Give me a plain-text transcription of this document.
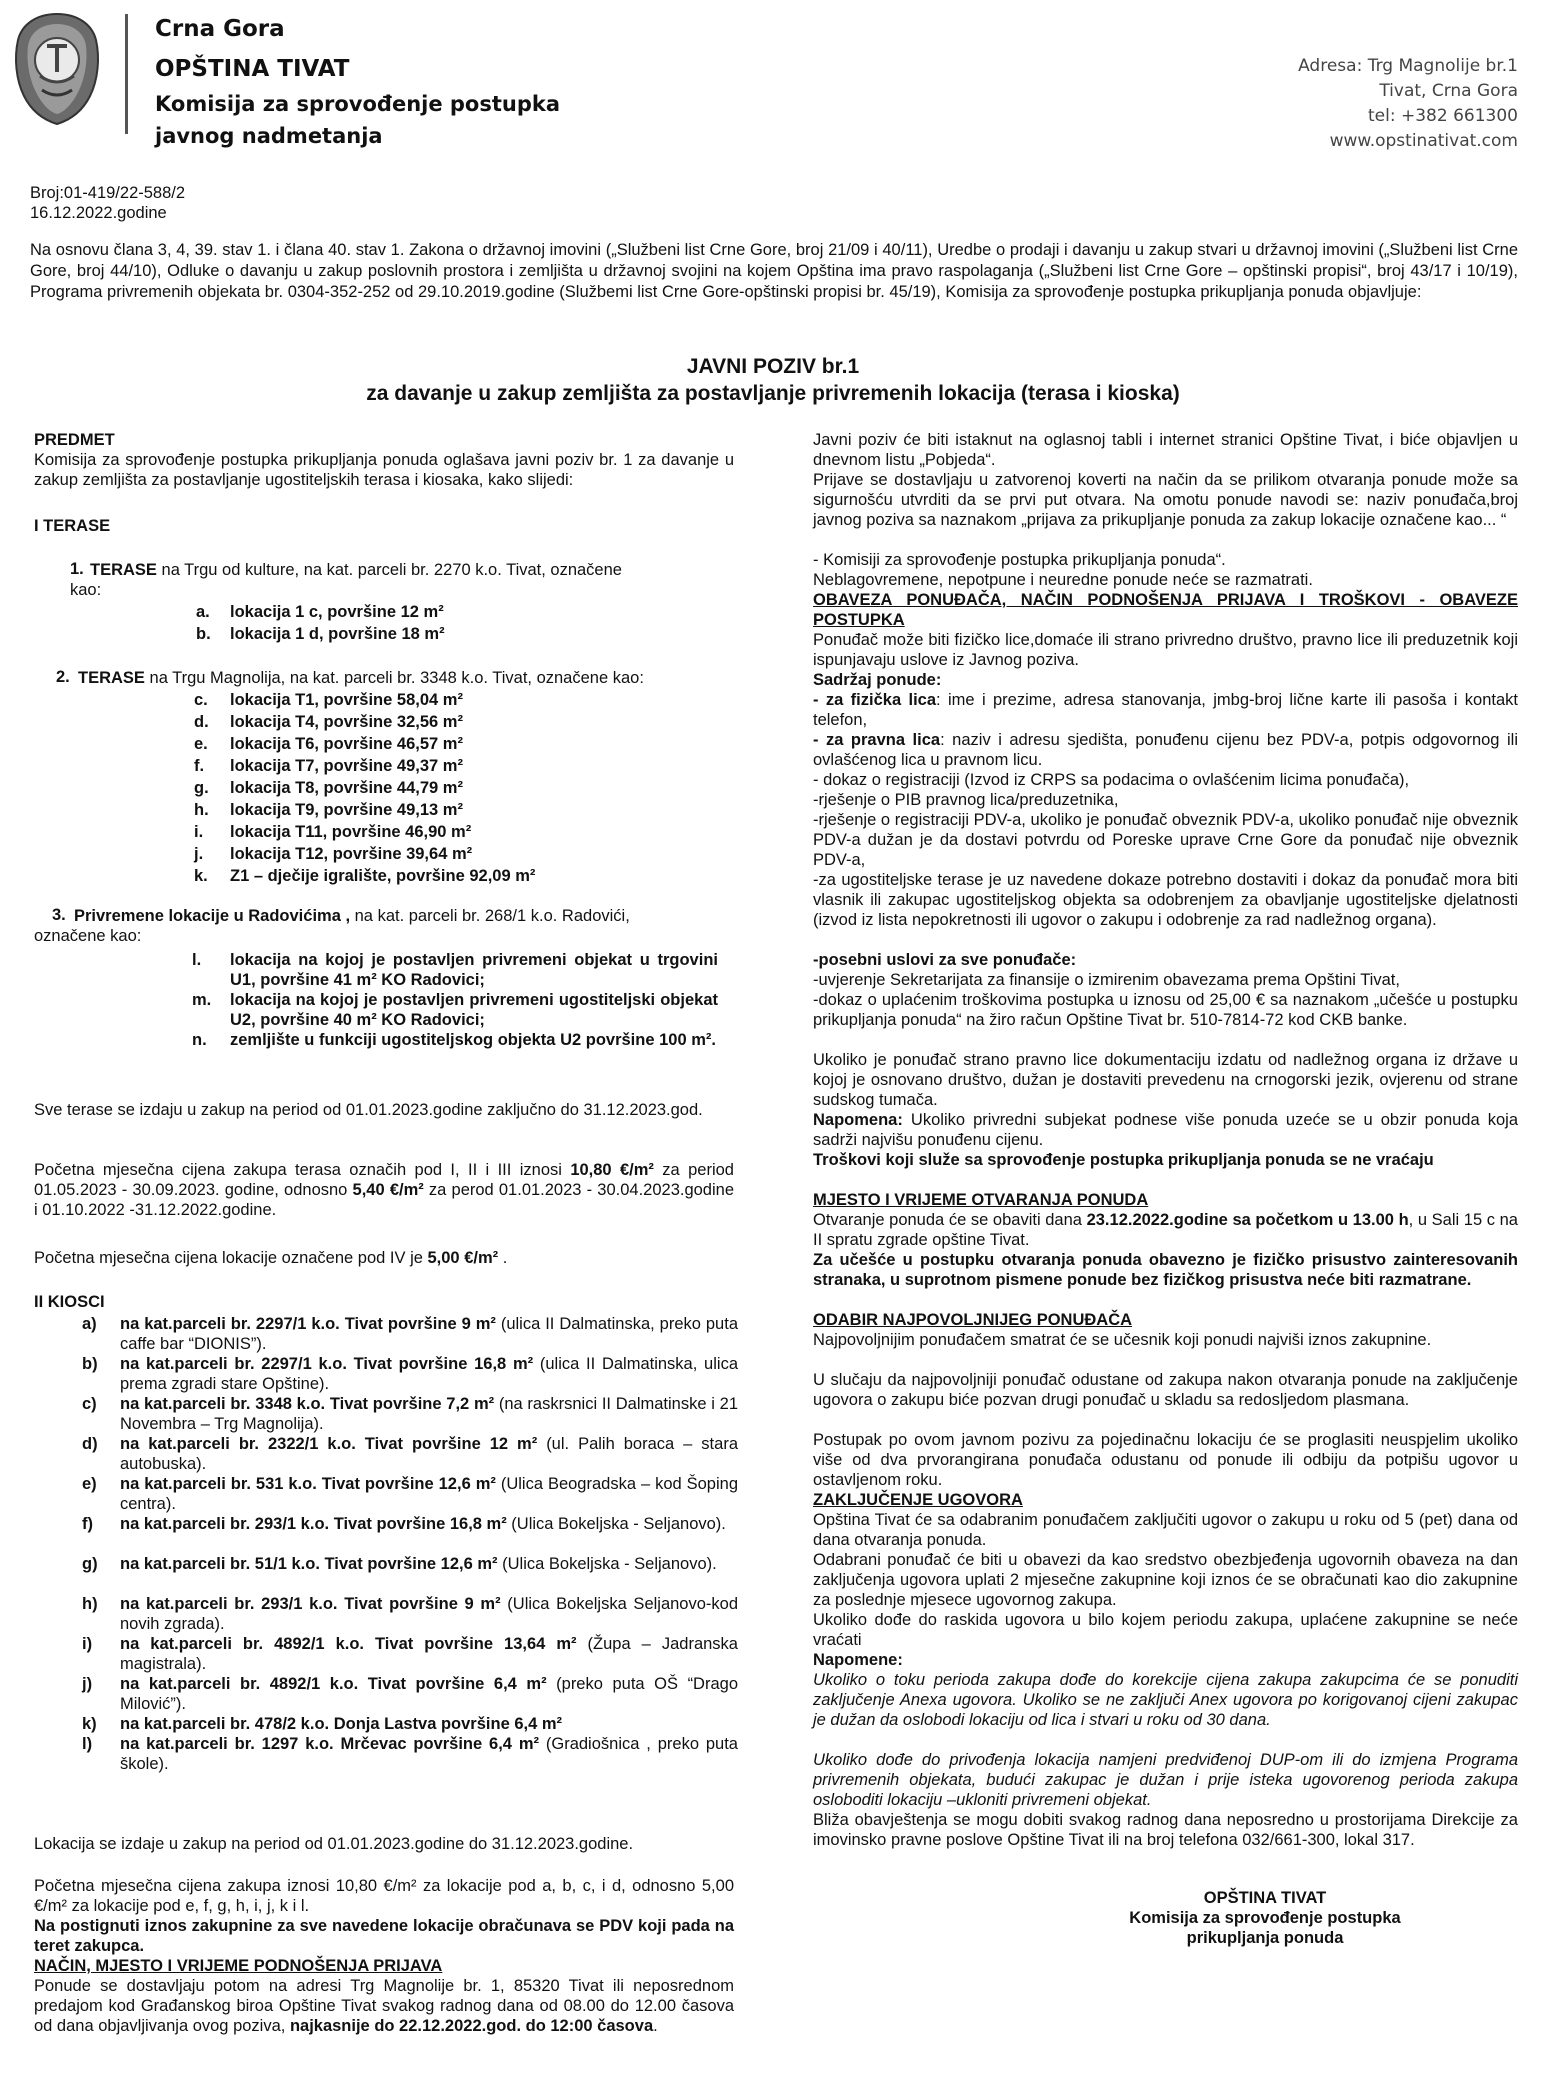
Crna Gora
OPŠTINA TIVAT
Komisija za sprovođenje postupka
javnog nadmetanja
Adresa: Trg Magnolije br.1
Tivat, Crna Gora
tel: +382 661300
www.opstinativat.com
Broj:01-419/22-588/2
16.12.2022.godine
Na osnovu člana 3, 4, 39. stav 1. i člana 40. stav 1. Zakona o državnoj imovini („Službeni list Crne Gore, broj 21/09 i 40/11), Uredbe o prodaji i davanju u zakup stvari u državnoj imovini („Službeni list Crne Gore, broj 44/10), Odluke o davanju u zakup poslovnih prostora i zemljišta u državnoj svojini na kojem Opština ima pravo raspolaganja („Službeni list Crne Gore – opštinski propisi“, broj 43/17 i 10/19), Programa privremenih objekata br. 0304-352-252 od 29.10.2019.godine (Službemi list Crne Gore-opštinski propisi br. 45/19), Komisija za sprovođenje postupka prikupljanja ponuda objavljuje:
JAVNI POZIV br.1
za davanje u zakup zemljišta za postavljanje privremenih lokacija (terasa i kioska)
PREDMET
Komisija za sprovođenje postupka prikupljanja ponuda oglašava javni poziv br. 1 za davanje u zakup zemljišta za postavljanje ugostiteljskih terasa i kiosaka, kako slijedi:
I TERASE
1. TERASE na Trgu od kulture, na kat. parceli br. 2270 k.o. Tivat, označene
kao:
a. lokacija 1 c, površine 12 m²
b. lokacija 1 d, površine 18 m²
2. TERASE na Trgu Magnolija, na kat. parceli br. 3348 k.o. Tivat, označene kao:
c. lokacija T1, površine 58,04 m²
d. lokacija T4, površine 32,56 m²
e. lokacija T6, površine 46,57 m²
f. lokacija T7, površine 49,37 m²
g. lokacija T8, površine 44,79 m²
h. lokacija T9, površine 49,13 m²
i. lokacija T11, površine 46,90 m²
j. lokacija T12, površine 39,64 m²
k. Z1 – dječije igralište, površine 92,09 m²
3. Privremene lokacije u Radovićima , na kat. parceli br. 268/1 k.o. Radovići,
označene kao:
l. lokacija na kojoj je postavljen privremeni objekat u trgovini U1, površine 41 m² KO Radovici;
m. lokacija na kojoj je postavljen privremeni ugostiteljski objekat U2, površine 40 m² KO Radovici;
n. zemljište u funkciji ugostiteljskog objekta U2 površine 100 m².
Sve terase se izdaju u zakup na period od 01.01.2023.godine zaključno do 31.12.2023.god.
Početna mjesečna cijena zakupa terasa označih pod I, II i III iznosi 10,80 €/m² za period 01.05.2023 - 30.09.2023. godine, odnosno 5,40 €/m² za perod 01.01.2023 - 30.04.2023.godine i 01.10.2022 -31.12.2022.godine.
Početna mjesečna cijena lokacije označene pod IV je 5,00 €/m² .
II KIOSCI
a) na kat.parceli br. 2297/1 k.o. Tivat površine 9 m² (ulica II Dalmatinska, preko puta caffe bar “DIONIS”).
b) na kat.parceli br. 2297/1 k.o. Tivat površine 16,8 m² (ulica II Dalmatinska, ulica prema zgradi stare Opštine).
c) na kat.parceli br. 3348 k.o. Tivat površine 7,2 m² (na raskrsnici II Dalmatinske i 21 Novembra – Trg Magnolija).
d) na kat.parceli br. 2322/1 k.o. Tivat površine 12 m² (ul. Palih boraca – stara autobuska).
e) na kat.parceli br. 531 k.o. Tivat površine 12,6 m² (Ulica Beogradska – kod Šoping centra).
f) na kat.parceli br. 293/1 k.o. Tivat površine 16,8 m² (Ulica Bokeljska - Seljanovo).
g) na kat.parceli br. 51/1 k.o. Tivat površine 12,6 m² (Ulica Bokeljska - Seljanovo).
h) na kat.parceli br. 293/1 k.o. Tivat površine 9 m² (Ulica Bokeljska Seljanovo-kod novih zgrada).
i) na kat.parceli br. 4892/1 k.o. Tivat površine 13,64 m² (Župa – Jadranska magistrala).
j) na kat.parceli br. 4892/1 k.o. Tivat površine 6,4 m² (preko puta OŠ “Drago Milović”).
k) na kat.parceli br. 478/2 k.o. Donja Lastva površine 6,4 m²
l) na kat.parceli br. 1297 k.o. Mrčevac površine 6,4 m² (Gradiošnica , preko puta škole).
Lokacija se izdaje u zakup na period od 01.01.2023.godine do 31.12.2023.godine.
Početna mjesečna cijena zakupa iznosi 10,80 €/m² za lokacije pod a, b, c, i d, odnosno 5,00 €/m² za lokacije pod e, f, g, h, i, j, k i l.
Na postignuti iznos zakupnine za sve navedene lokacije obračunava se PDV koji pada na teret zakupca.
NAČIN, MJESTO I VRIJEME PODNOŠENJA PRIJAVA
Ponude se dostavljaju potom na adresi Trg Magnolije br. 1, 85320 Tivat ili neposrednom predajom kod Građanskog biroa Opštine Tivat svakog radnog dana od 08.00 do 12.00 časova od dana objavljivanja ovog poziva, najkasnije do 22.12.2022.god. do 12:00 časova.
Javni poziv će biti istaknut na oglasnoj tabli i internet stranici Opštine Tivat, i biće objavljen u dnevnom listu „Pobjeda“.
Prijave se dostavljaju u zatvorenoj koverti na način da se prilikom otvaranja ponude može sa sigurnošću utvrditi da se prvi put otvara. Na omotu ponude navodi se: naziv ponuđača,broj javnog poziva sa naznakom „prijava za prikupljanje ponuda za zakup lokacije označene kao... “
- Komisiji za sprovođenje postupka prikupljanja ponuda“.
Neblagovremene, nepotpune i neuredne ponude neće se razmatrati.
OBAVEZA PONUĐAČA, NAČIN PODNOŠENJA PRIJAVA I TROŠKOVI - OBAVEZE POSTUPKA
Ponuđač može biti fizičko lice,domaće ili strano privredno društvo, pravno lice ili preduzetnik koji ispunjavaju uslove iz Javnog poziva.
Sadržaj ponude:
- za fizička lica: ime i prezime, adresa stanovanja, jmbg-broj lične karte ili pasoša i kontakt telefon,
- za pravna lica: naziv i adresu sjedišta, ponuđenu cijenu bez PDV-a, potpis odgovornog ili ovlašćenog lica u pravnom licu.
- dokaz o registraciji (Izvod iz CRPS sa podacima o ovlašćenim licima ponuđača),
-rješenje o PIB pravnog lica/preduzetnika,
-rješenje o registraciji PDV-a, ukoliko je ponuđač obveznik PDV-a, ukoliko ponuđač nije obveznik PDV-a dužan je da dostavi potvrdu od Poreske uprave Crne Gore da ponuđač nije obveznik PDV-a,
-za ugostiteljske terase je uz navedene dokaze potrebno dostaviti i dokaz da ponuđač mora biti vlasnik ili zakupac ugostiteljskog objekta sa odobrenjem za obavljanje ugostiteljske djelatnosti (izvod iz lista nepokretnosti ili ugovor o zakupu i odobrenje za rad nadležnog organa).
-posebni uslovi za sve ponuđače:
-uvjerenje Sekretarijata za finansije o izmirenim obavezama prema Opštini Tivat,
-dokaz o uplaćenim troškovima postupka u iznosu od 25,00 € sa naznakom „učešće u postupku prikupljanja ponuda“ na žiro račun Opštine Tivat br. 510-7814-72 kod CKB banke.
Ukoliko je ponuđač strano pravno lice dokumentaciju izdatu od nadležnog organa iz države u kojoj je osnovano društvo, dužan je dostaviti prevedenu na crnogorski jezik, ovjerenu od strane sudskog tumača.
Napomena: Ukoliko privredni subjekat podnese više ponuda uzeće se u obzir ponuda koja sadrži najvišu ponuđenu cijenu.
Troškovi koji služe sa sprovođenje postupka prikupljanja ponuda se ne vraćaju
MJESTO I VRIJEME OTVARANJA PONUDA
Otvaranje ponuda će se obaviti dana 23.12.2022.godine sa početkom u 13.00 h, u Sali 15 c na II spratu zgrade opštine Tivat.
Za učešće u postupku otvaranja ponuda obavezno je fizičko prisustvo zainteresovanih stranaka, u suprotnom pismene ponude bez fizičkog prisustva neće biti razmatrane.
ODABIR NAJPOVOLJNIJEG PONUĐAČA
Najpovoljnijim ponuđačem smatrat će se učesnik koji ponudi najviši iznos zakupnine.
U slučaju da najpovoljniji ponuđač odustane od zakupa nakon otvaranja ponude na zaključenje ugovora o zakupu biće pozvan drugi ponuđač u skladu sa redosljedom plasmana.
Postupak po ovom javnom pozivu za pojedinačnu lokaciju će se proglasiti neuspjelim ukoliko više od dva prvorangirana ponuđača odustanu od ponude ili odbiju da potpišu ugovor u ostavljenom roku.
ZAKLJUČENJE UGOVORA
Opština Tivat će sa odabranim ponuđačem zaključiti ugovor o zakupu u roku od 5 (pet) dana od dana otvaranja ponuda.
Odabrani ponuđač će biti u obavezi da kao sredstvo obezbjeđenja ugovornih obaveza na dan zaključenja ugovora uplati 2 mjesečne zakupnine koji iznos će se obračunati kao dio zakupnine za poslednje mjesece ugovornog zakupa.
Ukoliko dođe do raskida ugovora u bilo kojem periodu zakupa, uplaćene zakupnine se neće vraćati
Napomene:
Ukoliko o toku perioda zakupa dođe do korekcije cijena zakupa zakupcima će se ponuditi zaključenje Anexa ugovora. Ukoliko se ne zaključi Anex ugovora po korigovanoj cijeni zakupac je dužan da oslobodi lokaciju od lica i stvari u roku od 30 dana.
Ukoliko dođe do privođenja lokacija namjeni predviđenoj DUP-om ili do izmjena Programa privremenih objekata, budući zakupac je dužan i prije isteka ugovorenog perioda zakupa osloboditi lokaciju –ukloniti privremeni objekat.
Bliža obavještenja se mogu dobiti svakog radnog dana neposredno u prostorijama Direkcije za imovinsko pravne poslove Opštine Tivat ili na broj telefona 032/661-300, lokal 317.
OPŠTINA TIVAT
Komisija za sprovođenje postupka
prikupljanja ponuda
